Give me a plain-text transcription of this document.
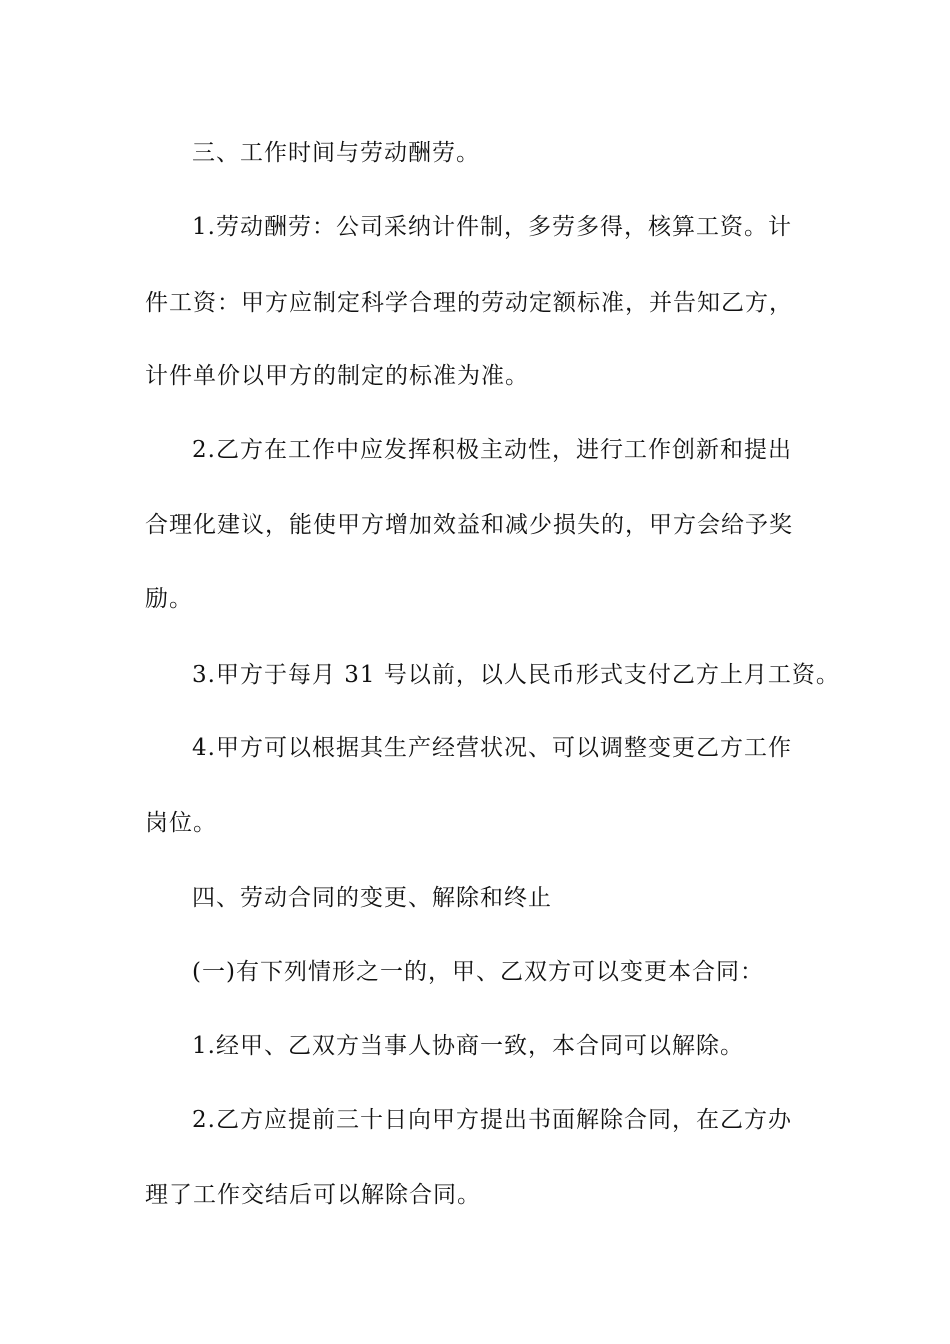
三、工作时间与劳动酬劳。
1.劳动酬劳：公司采纳计件制，多劳多得，核算工资。计
件工资：甲方应制定科学合理的劳动定额标准，并告知乙方，
计件单价以甲方的制定的标准为准。
2.乙方在工作中应发挥积极主动性，进行工作创新和提出
合理化建议，能使甲方增加效益和减少损失的，甲方会给予奖
励。
3.甲方于每月 31 号以前，以人民币形式支付乙方上月工资。
4.甲方可以根据其生产经营状况、可以调整变更乙方工作
岗位。
四、劳动合同的变更、解除和终止
(一)有下列情形之一的，甲、乙双方可以变更本合同：
1.经甲、乙双方当事人协商一致，本合同可以解除。
2.乙方应提前三十日向甲方提出书面解除合同，在乙方办
理了工作交结后可以解除合同。
